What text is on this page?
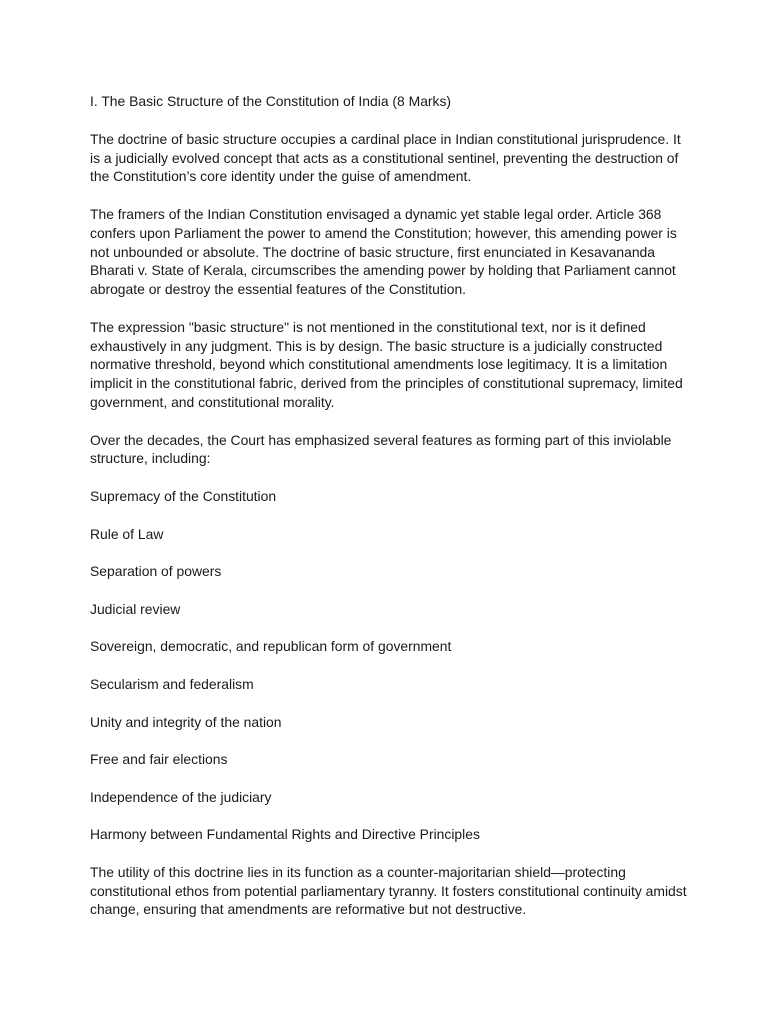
I. The Basic Structure of the Constitution of India (8 Marks)

The doctrine of basic structure occupies a cardinal place in Indian constitutional jurisprudence. It is a judicially evolved concept that acts as a constitutional sentinel, preventing the destruction of the Constitution’s core identity under the guise of amendment.

The framers of the Indian Constitution envisaged a dynamic yet stable legal order. Article 368 confers upon Parliament the power to amend the Constitution; however, this amending power is not unbounded or absolute. The doctrine of basic structure, first enunciated in Kesavananda Bharati v. State of Kerala, circumscribes the amending power by holding that Parliament cannot abrogate or destroy the essential features of the Constitution.

The expression "basic structure" is not mentioned in the constitutional text, nor is it defined exhaustively in any judgment. This is by design. The basic structure is a judicially constructed normative threshold, beyond which constitutional amendments lose legitimacy. It is a limitation implicit in the constitutional fabric, derived from the principles of constitutional supremacy, limited government, and constitutional morality.

Over the decades, the Court has emphasized several features as forming part of this inviolable structure, including:

Supremacy of the Constitution
Rule of Law
Separation of powers
Judicial review
Sovereign, democratic, and republican form of government
Secularism and federalism
Unity and integrity of the nation
Free and fair elections
Independence of the judiciary
Harmony between Fundamental Rights and Directive Principles

The utility of this doctrine lies in its function as a counter-majoritarian shield—protecting constitutional ethos from potential parliamentary tyranny. It fosters constitutional continuity amidst change, ensuring that amendments are reformative but not destructive.
